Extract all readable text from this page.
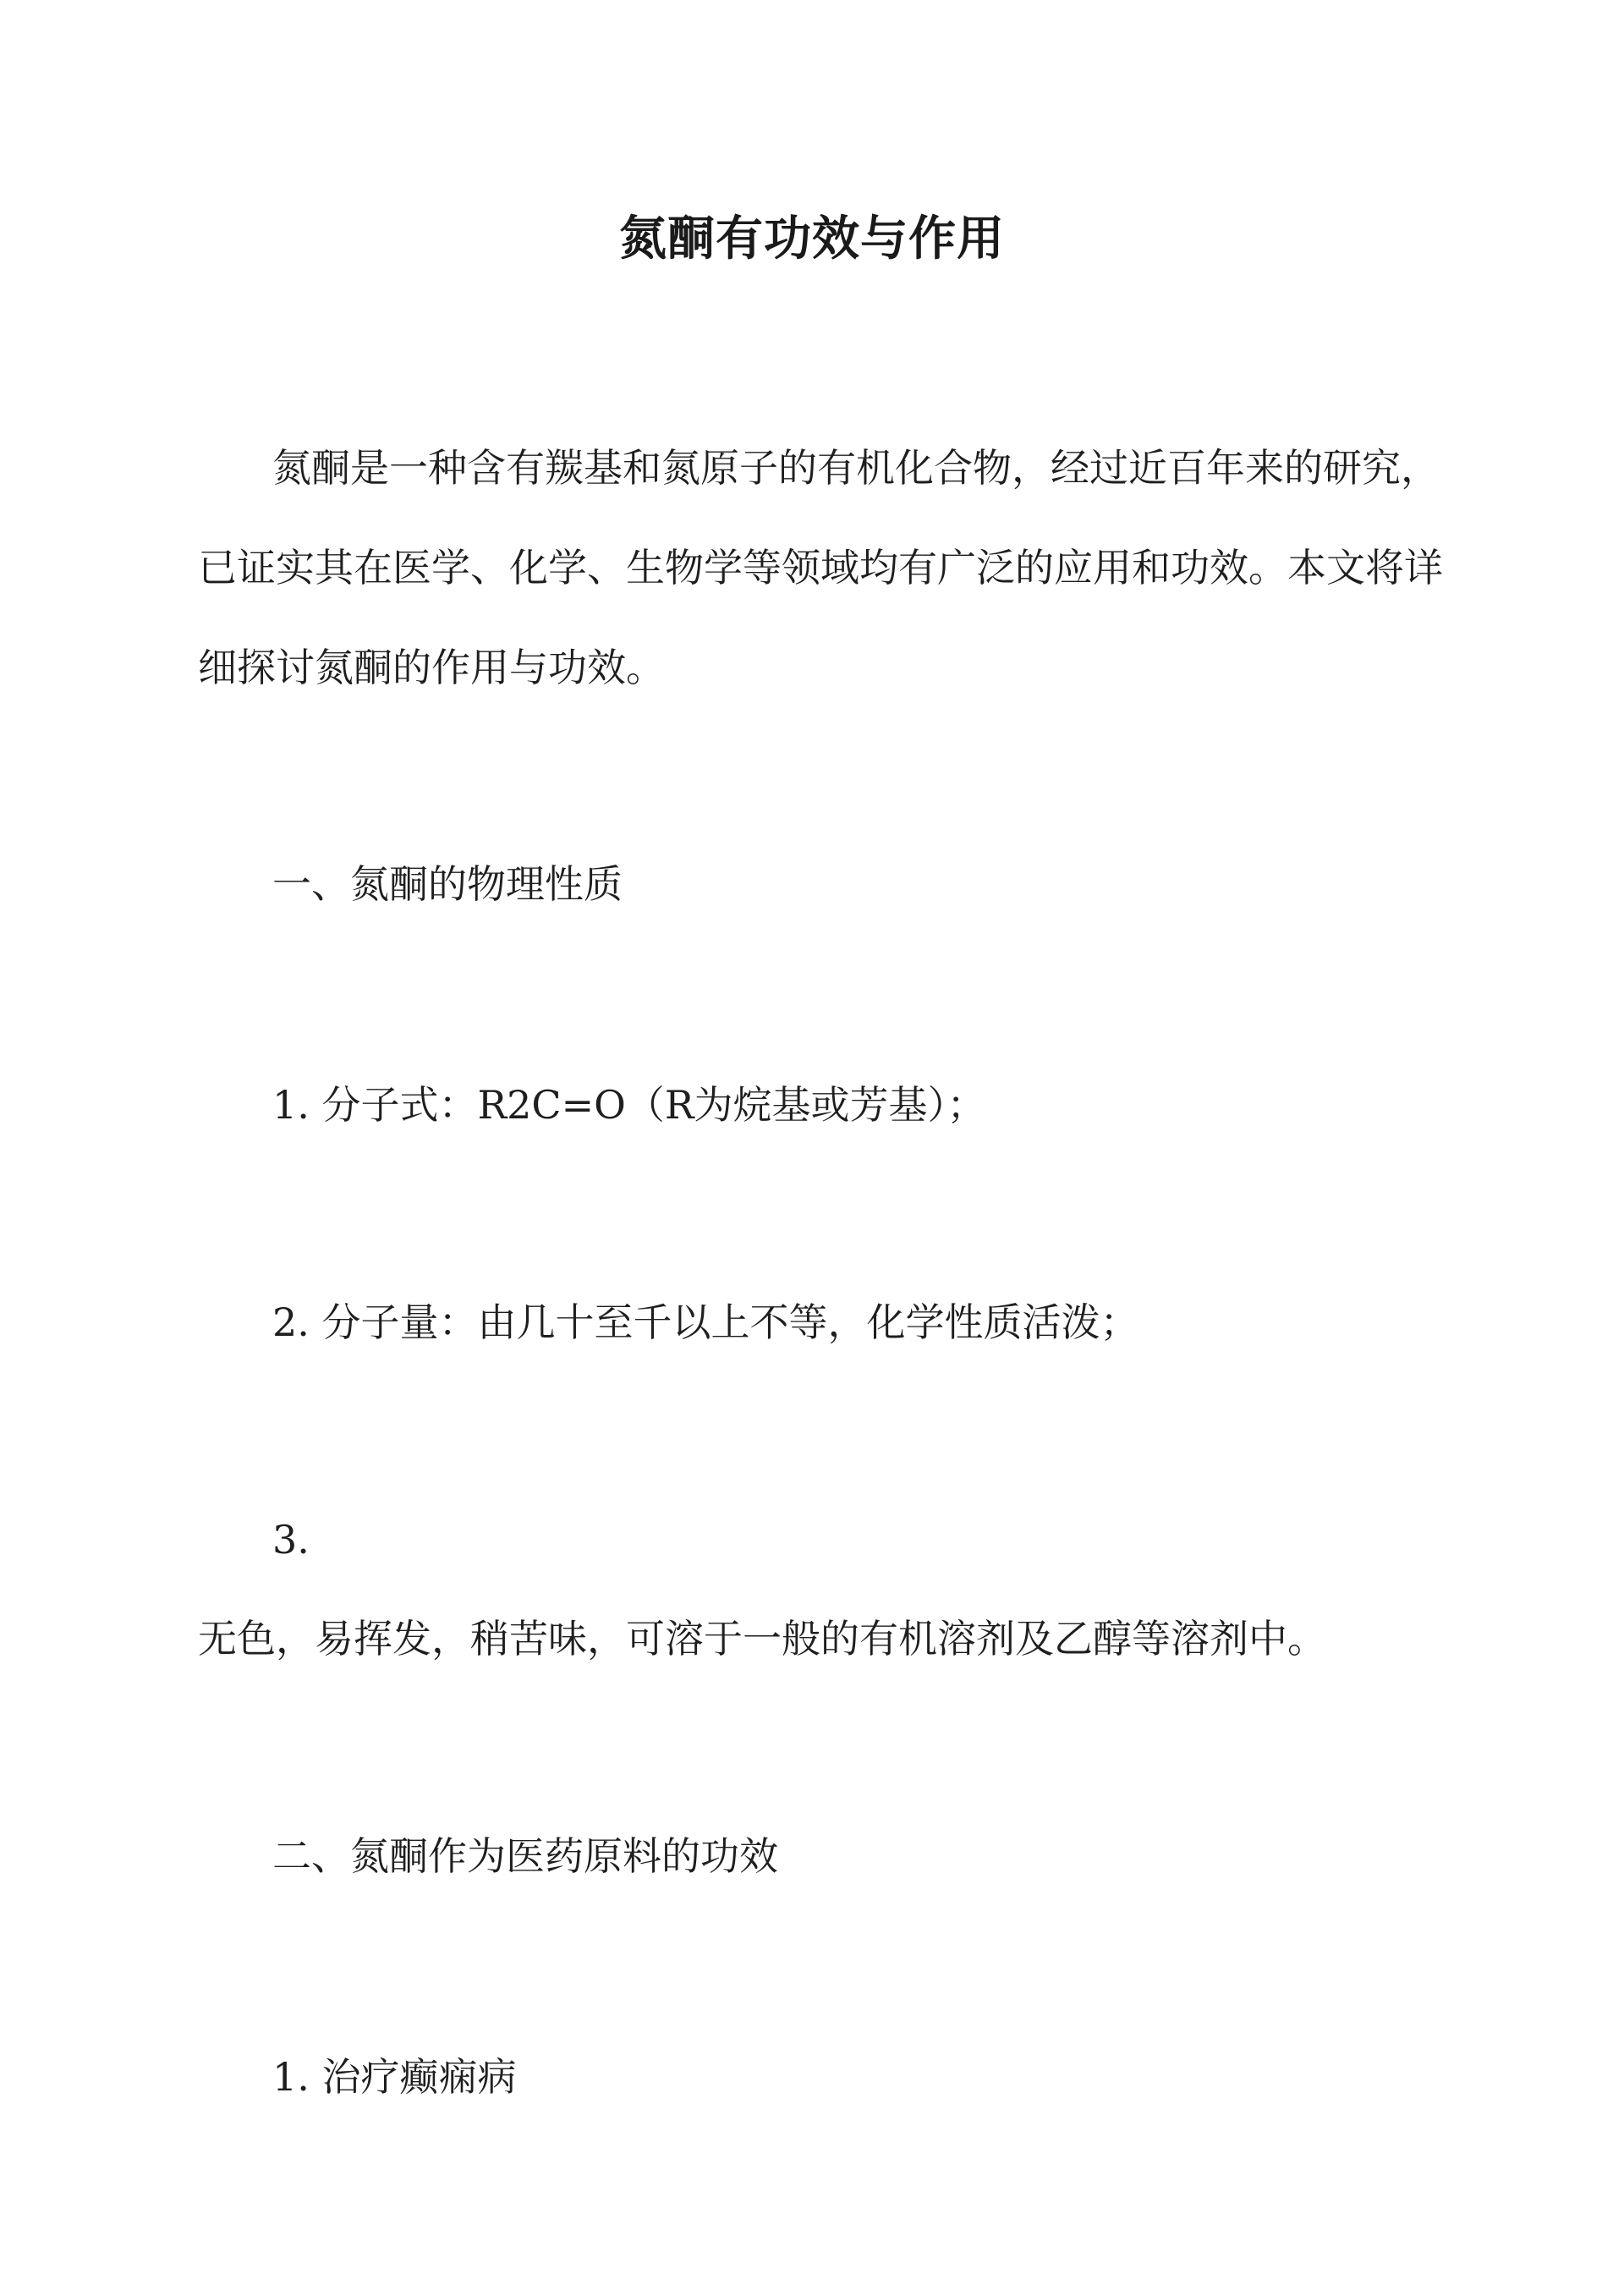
氮酮有功效与作用
氮酮是一种含有羰基和氮原子的有机化合物，经过近百年来的研究，
已证实其在医学、化学、生物学等领域均有广泛的应用和功效。本文将详
细探讨氮酮的作用与功效。
一、氮酮的物理性质
1. 分子式：R2C=O（R为烷基或芳基）；
2. 分子量：由几十至千以上不等，化学性质活泼；
3.
无色，易挥发，稍苦味，可溶于一般的有机溶剂及乙醇等溶剂中。
二、氮酮作为医药原料的功效
1. 治疗癫痫病
